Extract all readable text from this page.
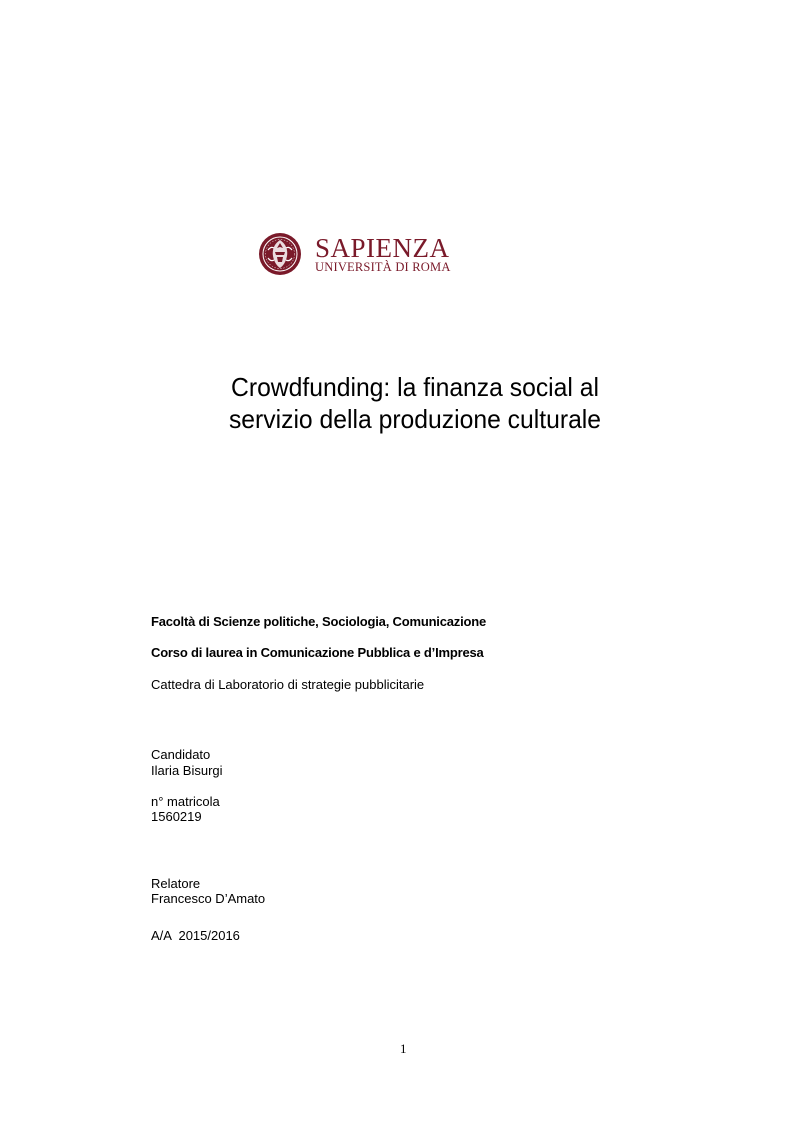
SAPIENZA
UNIVERSITÀ DI ROMA
Crowdfunding: la finanza social al
servizio della produzione culturale
Facoltà di Scienze politiche, Sociologia, Comunicazione
Corso di laurea in Comunicazione Pubblica e d’Impresa
Cattedra di Laboratorio di strategie pubblicitarie
Candidato
Ilaria Bisurgi
n° matricola
1560219
Relatore
Francesco D’Amato
A/A  2015/2016
1
